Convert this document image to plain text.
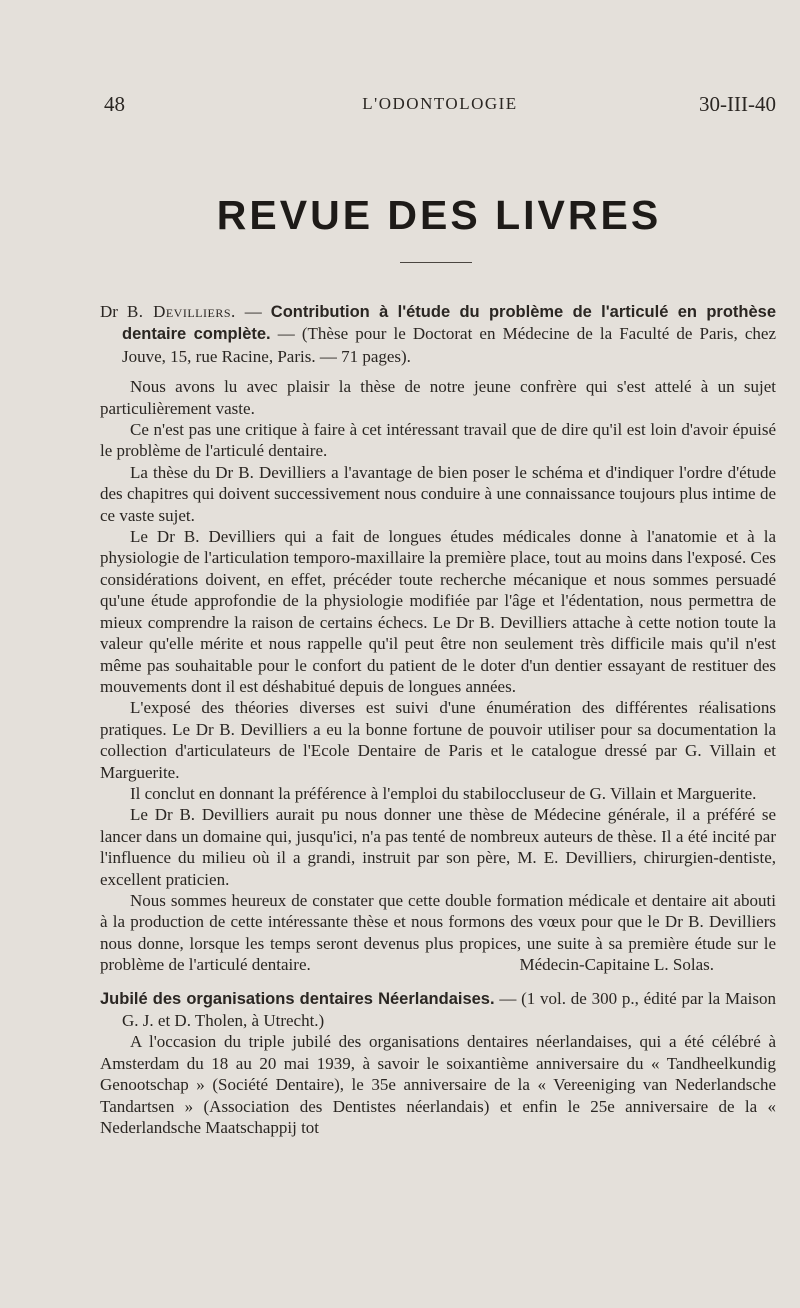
48	L'ODONTOLOGIE	30-III-40
REVUE DES LIVRES

Dr B. Devilliers. — Contribution à l'étude du problème de l'articulé en prothèse dentaire complète. — (Thèse pour le Doctorat en Médecine de la Faculté de Paris, chez Jouve, 15, rue Racine, Paris. — 71 pages).

Nous avons lu avec plaisir la thèse de notre jeune confrère qui s'est attelé à un sujet particulièrement vaste.

Ce n'est pas une critique à faire à cet intéressant travail que de dire qu'il est loin d'avoir épuisé le problème de l'articulé dentaire.

La thèse du Dr B. Devilliers a l'avantage de bien poser le schéma et d'indiquer l'ordre d'étude des chapitres qui doivent successivement nous conduire à une connaissance toujours plus intime de ce vaste sujet.

Le Dr B. Devilliers qui a fait de longues études médicales donne à l'anatomie et à la physiologie de l'articulation temporo-maxillaire la première place, tout au moins dans l'exposé. Ces considérations doivent, en effet, précéder toute recherche mécanique et nous sommes persuadé qu'une étude approfondie de la physiologie modifiée par l'âge et l'édentation, nous permettra de mieux comprendre la raison de certains échecs. Le Dr B. Devilliers attache à cette notion toute la valeur qu'elle mérite et nous rappelle qu'il peut être non seulement très difficile mais qu'il n'est même pas souhaitable pour le confort du patient de le doter d'un dentier essayant de restituer des mouvements dont il est déshabitué depuis de longues années.

L'exposé des théories diverses est suivi d'une énumération des différentes réalisations pratiques. Le Dr B. Devilliers a eu la bonne fortune de pouvoir utiliser pour sa documentation la collection d'articulateurs de l'Ecole Dentaire de Paris et le catalogue dressé par G. Villain et Marguerite.

Il conclut en donnant la préférence à l'emploi du stabiloccluseur de G. Villain et Marguerite.

Le Dr B. Devilliers aurait pu nous donner une thèse de Médecine générale, il a préféré se lancer dans un domaine qui, jusqu'ici, n'a pas tenté de nombreux auteurs de thèse. Il a été incité par l'influence du milieu où il a grandi, instruit par son père, M. E. Devilliers, chirurgien-dentiste, excellent praticien.

Nous sommes heureux de constater que cette double formation médicale et dentaire ait abouti à la production de cette intéressante thèse et nous formons des vœux pour que le Dr B. Devilliers nous donne, lorsque les temps seront devenus plus propices, une suite à sa première étude sur le problème de l'articulé dentaire.	Médecin-Capitaine L. Solas.

Jubilé des organisations dentaires Néerlandaises. — (1 vol. de 300 p., édité par la Maison G. J. et D. Tholen, à Utrecht.)

A l'occasion du triple jubilé des organisations dentaires néerlandaises, qui a été célébré à Amsterdam du 18 au 20 mai 1939, à savoir le soixantième anniversaire du « Tandheelkundig Genootschap » (Société Dentaire), le 35e anniversaire de la « Vereeniging van Nederlandsche Tandartsen » (Association des Dentistes néerlandais) et enfin le 25e anniversaire de la « Nederlandsche Maatschappij tot
